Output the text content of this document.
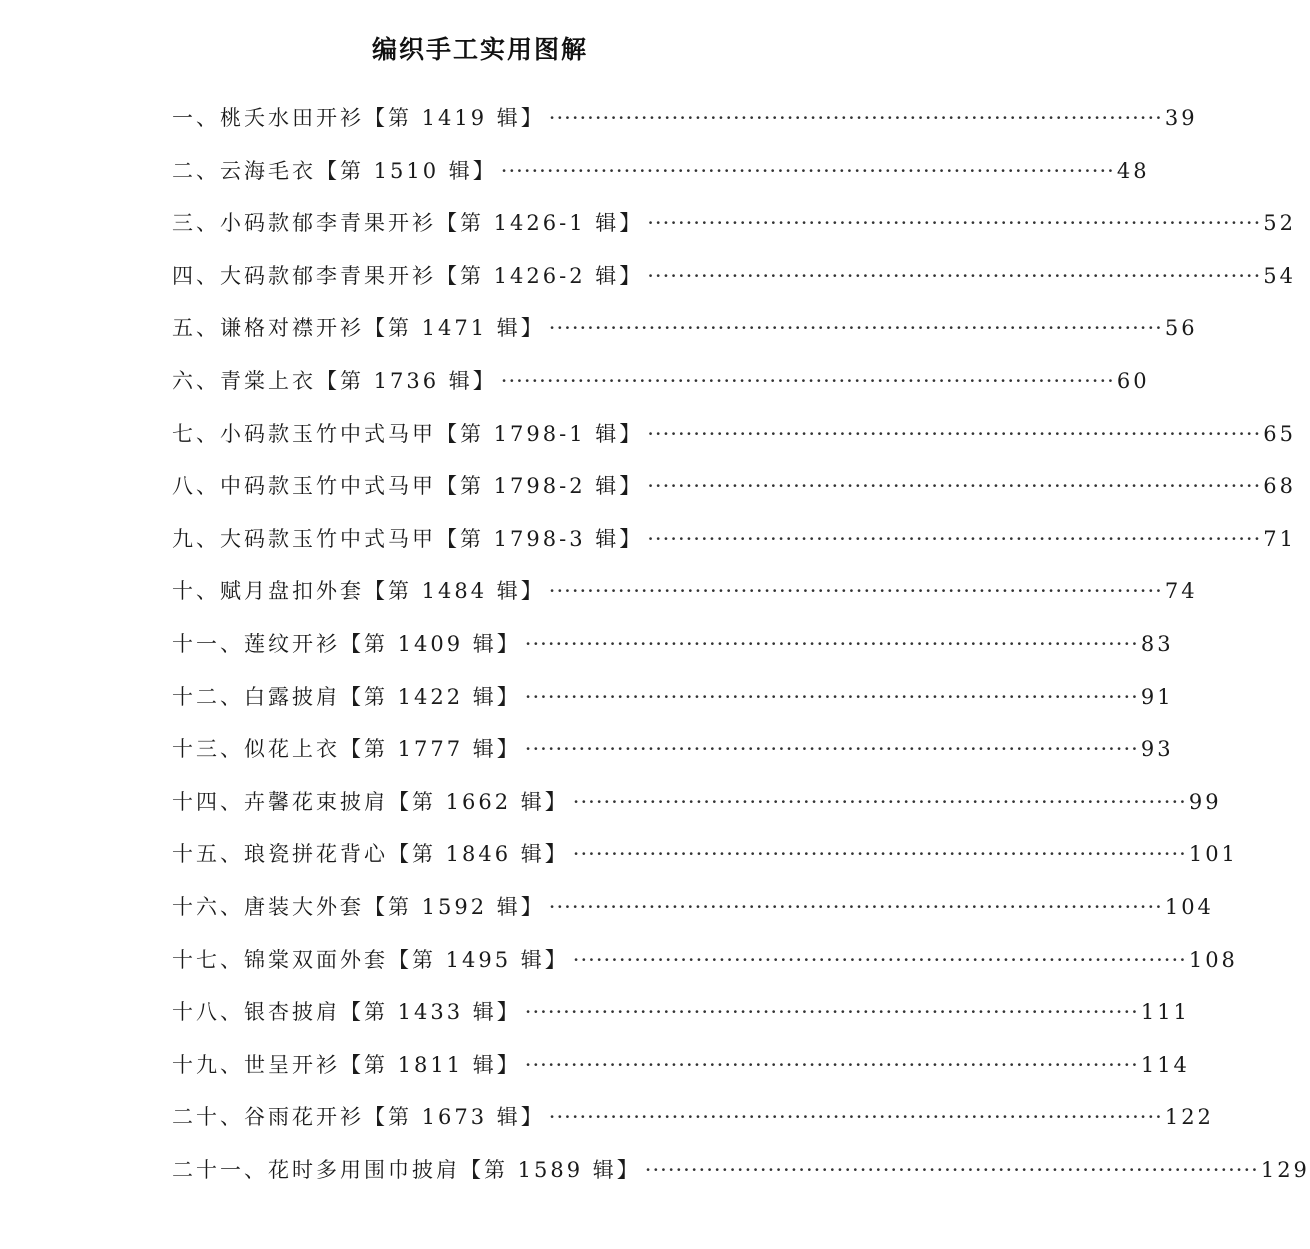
编织手工实用图解
一、桃夭水田开衫【第 1419 辑】 ················································································ 39
二、云海毛衣【第 1510 辑】 ················································································ 48
三、小码款郁李青果开衫【第 1426-1 辑】 ················································································ 52
四、大码款郁李青果开衫【第 1426-2 辑】 ················································································ 54
五、谦格对襟开衫【第 1471 辑】 ················································································ 56
六、青棠上衣【第 1736 辑】 ················································································ 60
七、小码款玉竹中式马甲【第 1798-1 辑】 ················································································ 65
八、中码款玉竹中式马甲【第 1798-2 辑】 ················································································ 68
九、大码款玉竹中式马甲【第 1798-3 辑】 ················································································ 71
十、赋月盘扣外套【第 1484 辑】 ················································································ 74
十一、莲纹开衫【第 1409 辑】 ················································································ 83
十二、白露披肩【第 1422 辑】 ················································································ 91
十三、似花上衣【第 1777 辑】 ················································································ 93
十四、卉馨花束披肩【第 1662 辑】 ················································································ 99
十五、琅瓷拼花背心【第 1846 辑】 ················································································ 101
十六、唐装大外套【第 1592 辑】 ················································································ 104
十七、锦棠双面外套【第 1495 辑】 ················································································ 108
十八、银杏披肩【第 1433 辑】 ················································································ 111
十九、世呈开衫【第 1811 辑】 ················································································ 114
二十、谷雨花开衫【第 1673 辑】 ················································································ 122
二十一、花时多用围巾披肩【第 1589 辑】 ················································································ 129
